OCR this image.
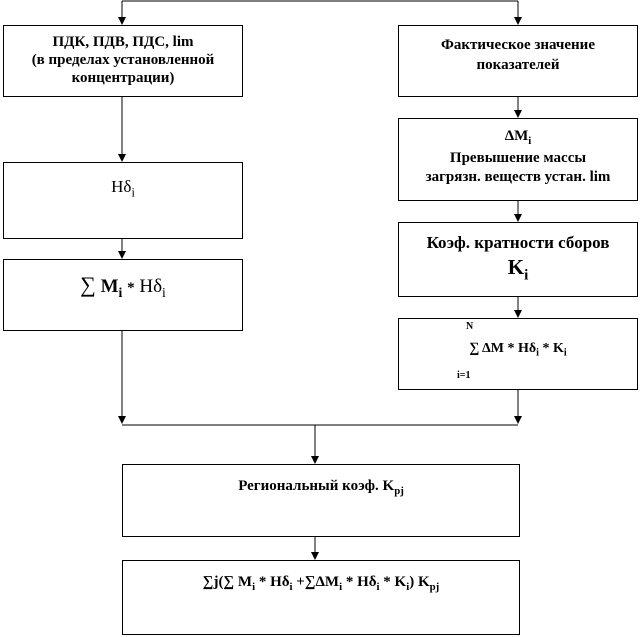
ПДК, ПДВ, ПДС, lim
(в пределах установленной
концентрации)
$Н\delta_i$
∑ $M_i * Н\delta_i$
Фактическое значение
показателей
$\Delta M_i$
Превышение массы
загрязн. веществ устан. lim
Коэф. кратности сборов
$K_i$
N
∑ ΔM * $Н\delta_i * K_i$
i=1
Региональный коэф. $K_{pj}$
∑j(∑ $M_i * Н\delta_i +\sum\Delta M_i * Н\delta_i * K_i$) $K_{pj}$
